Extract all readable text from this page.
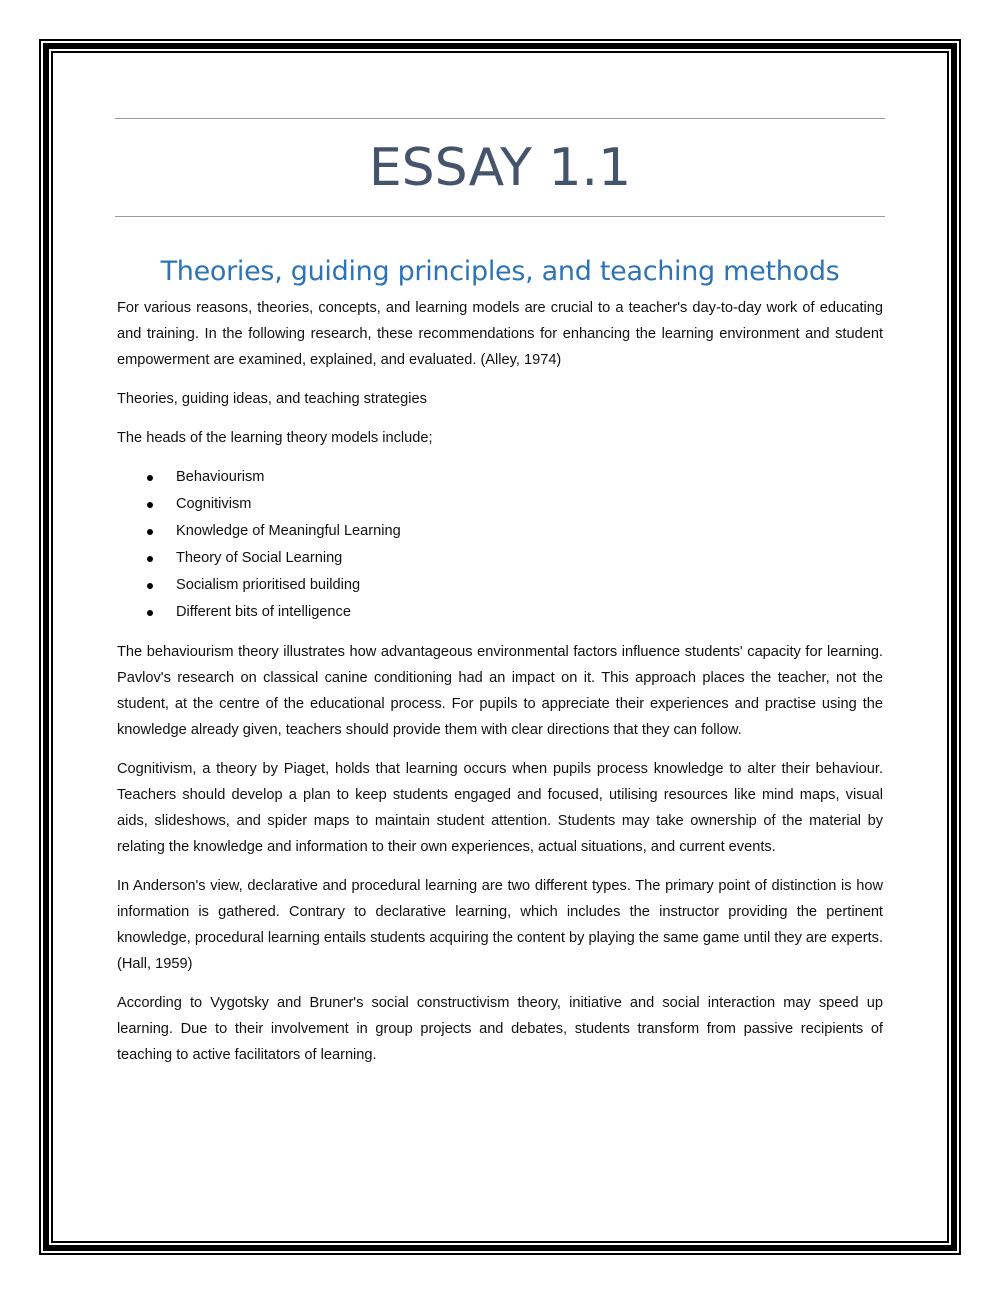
ESSAY 1.1
Theories, guiding principles, and teaching methods

For various reasons, theories, concepts, and learning models are crucial to a teacher's day-to-day work of educating and training. In the following research, these recommendations for enhancing the learning environment and student empowerment are examined, explained, and evaluated. (Alley, 1974)

Theories, guiding ideas, and teaching strategies

The heads of the learning theory models include;

Behaviourism
Cognitivism
Knowledge of Meaningful Learning
Theory of Social Learning
Socialism prioritised building
Different bits of intelligence

The behaviourism theory illustrates how advantageous environmental factors influence students' capacity for learning. Pavlov's research on classical canine conditioning had an impact on it. This approach places the teacher, not the student, at the centre of the educational process. For pupils to appreciate their experiences and practise using the knowledge already given, teachers should provide them with clear directions that they can follow.

Cognitivism, a theory by Piaget, holds that learning occurs when pupils process knowledge to alter their behaviour. Teachers should develop a plan to keep students engaged and focused, utilising resources like mind maps, visual aids, slideshows, and spider maps to maintain student attention. Students may take ownership of the material by relating the knowledge and information to their own experiences, actual situations, and current events.

In Anderson's view, declarative and procedural learning are two different types. The primary point of distinction is how information is gathered. Contrary to declarative learning, which includes the instructor providing the pertinent knowledge, procedural learning entails students acquiring the content by playing the same game until they are experts. (Hall, 1959)

According to Vygotsky and Bruner's social constructivism theory, initiative and social interaction may speed up learning. Due to their involvement in group projects and debates, students transform from passive recipients of teaching to active facilitators of learning.
